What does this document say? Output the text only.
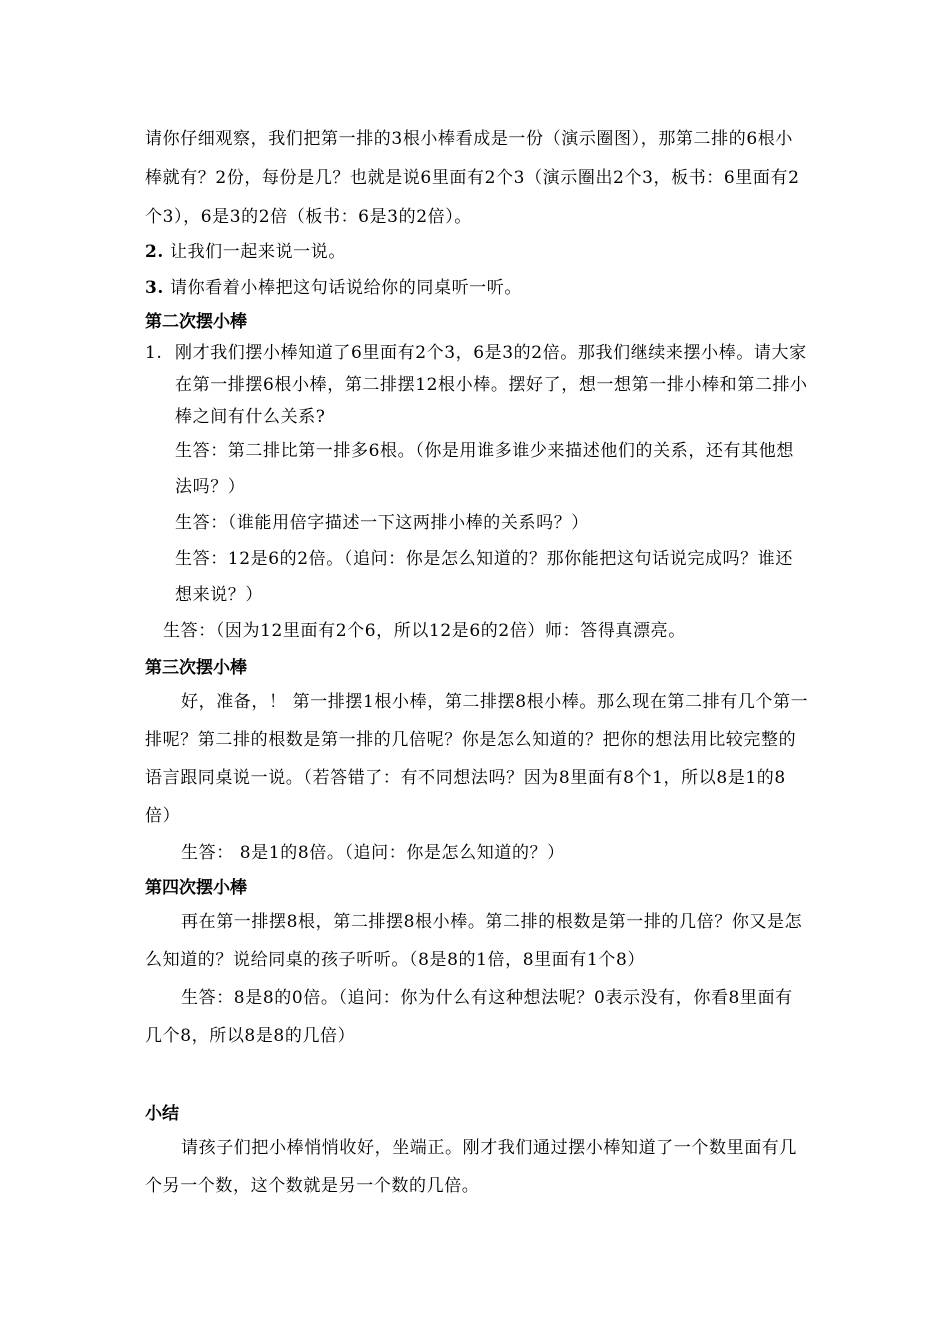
请你仔细观察，我们把第一排的3根小棒看成是一份（演示圈图），那第二排的6根小棒就有？2份，每份是几？也就是说6里面有2个3（演示圈出2个3，板书：6里面有2个3），6是3的2倍（板书：6是3的2倍）。

2. 让我们一起来说一说。

3. 请你看着小棒把这句话说给你的同桌听一听。

第二次摆小棒

1. 刚才我们摆小棒知道了6里面有2个3，6是3的2倍。那我们继续来摆小棒。请大家在第一排摆6根小棒，第二排摆12根小棒。摆好了，想一想第一排小棒和第二排小棒之间有什么关系?

生答：第二排比第一排多6根。（你是用谁多谁少来描述他们的关系，还有其他想法吗？）

生答：（谁能用倍字描述一下这两排小棒的关系吗？）

生答：12是6的2倍。（追问：你是怎么知道的？那你能把这句话说完成吗？谁还想来说？）

生答：（因为12里面有2个6，所以12是6的2倍）师：答得真漂亮。

第三次摆小棒

好，准备，！ 第一排摆1根小棒，第二排摆8根小棒。那么现在第二排有几个第一排呢？第二排的根数是第一排的几倍呢？你是怎么知道的？把你的想法用比较完整的语言跟同桌说一说。（若答错了：有不同想法吗？因为8里面有8个1，所以8是1的8倍）

生答： 8是1的8倍。（追问：你是怎么知道的？）

第四次摆小棒

再在第一排摆8根，第二排摆8根小棒。第二排的根数是第一排的几倍？你又是怎么知道的？说给同桌的孩子听听。（8是8的1倍，8里面有1个8）

生答：8是8的0倍。（追问：你为什么有这种想法呢？0表示没有，你看8里面有几个8，所以8是8的几倍）

小结

请孩子们把小棒悄悄收好，坐端正。刚才我们通过摆小棒知道了一个数里面有几个另一个数，这个数就是另一个数的几倍。
